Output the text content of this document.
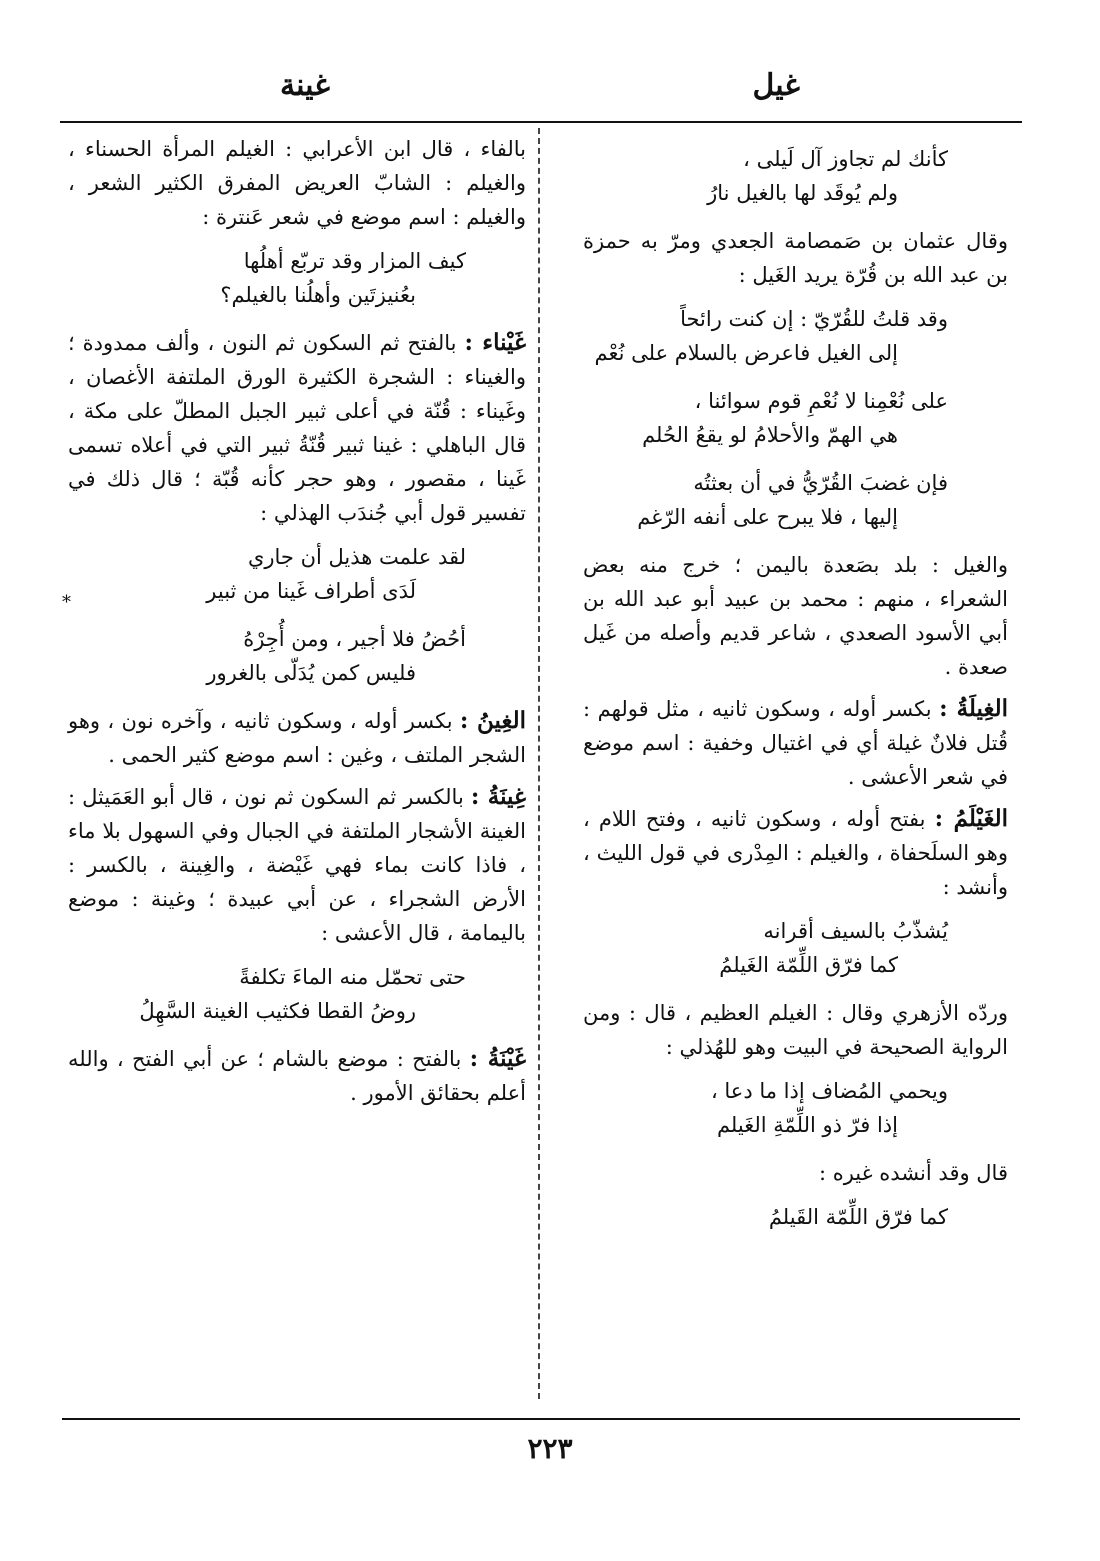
غيل
غينة
كأنك لم تجاوز آل لَيلى ،
ولم يُوقَد لها بالغيل نارُ
وقال عثمان بن صَمصامة الجعدي ومرّ به حمزة بن عبد الله بن قُرّة يريد الغَيل :
وقد قلتُ للقُرّيّ : إن كنت رائحاً
إلى الغيل فاعرض بالسلام على نُعْم
على نُعْمِنا لا نُعْمِ قوم سوائنا ،
هي الهمّ والأحلامُ لو يقعُ الحُلم
فإن غضبَ القُرّيُّ في أن بعثتُه
إليها ، فلا يبرح على أنفه الرّغم
والغيل : بلد بصَعدة باليمن ؛ خرج منه بعض الشعراء ، منهم : محمد بن عبيد أبو عبد الله بن أبي الأسود الصعدي ، شاعر قديم وأصله من غَيل صعدة .
الغِيلَةُ : بكسر أوله ، وسكون ثانيه ، مثل قولهم : قُتل فلانٌ غيلة أي في اغتيال وخفية : اسم موضع في شعر الأعشى .
الغَيْلَمُ : بفتح أوله ، وسكون ثانيه ، وفتح اللام ، وهو السلَحفاة ، والغيلم : المِدْرى في قول الليث ، وأنشد :
يُشذّبُ بالسيف أقرانه
كما فرّق اللِّمّة الغَيلمُ
وردّه الأزهري وقال : الغيلم العظيم ، قال : ومن الرواية الصحيحة في البيت وهو للهُذلي :
ويحمي المُضاف إذا ما دعا ،
إذا فرّ ذو اللِّمّةِ الغَيلم
قال وقد أنشده غيره :
كما فرّق اللِّمّة القَيلمُ
بالفاء ، قال ابن الأعرابي : الغيلم المرأة الحسناء ، والغيلم : الشابّ العريض المفرق الكثير الشعر ، والغيلم : اسم موضع في شعر عَنترة :
كيف المزار وقد تربّع أهلُها
بعُنيزتَين وأهلُنا بالغيلم؟
غَيْناء : بالفتح ثم السكون ثم النون ، وألف ممدودة ؛ والغيناء : الشجرة الكثيرة الورق الملتفة الأغصان ، وغَيناء : قُنّة في أعلى ثبير الجبل المطلّ على مكة ، قال الباهلي : غينا ثبير قُنّةُ ثبير التي في أعلاه تسمى غَينا ، مقصور ، وهو حجر كأنه قُبّة ؛ قال ذلك في تفسير قول أبي جُندَب الهذلي :
لقد علمت هذيل أن جاري
لَدَى أطراف غَينا من ثبير
أحُضُ فلا أجير ، ومن أُجِرْهُ
فليس كمن يُدَلّى بالغرور
الغِينُ : بكسر أوله ، وسكون ثانيه ، وآخره نون ، وهو الشجر الملتف ، وغين : اسم موضع كثير الحمى .
غِينَةُ : بالكسر ثم السكون ثم نون ، قال أبو العَمَيثل : الغينة الأشجار الملتفة في الجبال وفي السهول بلا ماء ، فاذا كانت بماء فهي غَيْضة ، والغِينة ، بالكسر : الأرض الشجراء ، عن أبي عبيدة ؛ وغينة : موضع باليمامة ، قال الأعشى :
حتى تحمّل منه الماءَ تكلفةً
روضُ القطا فكثيب الغينة السَّهِلُ
غَيْنَةُ : بالفتح : موضع بالشام ؛ عن أبي الفتح ، والله أعلم بحقائق الأمور .
*
٢٢٣
